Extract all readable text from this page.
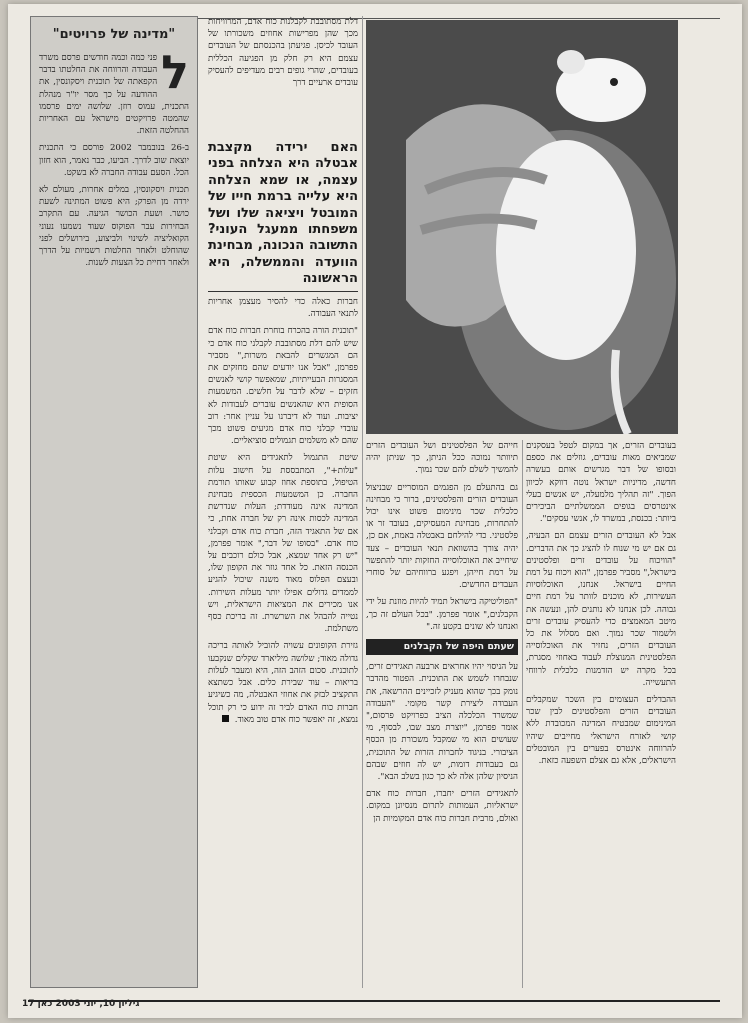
"מדינה של פרויטים"
ל

פני כמה וכמה חודשים פרסם משרד העבודה והרווחה את החלטתו בדבר הקפאתה של תוכנית ויסקונסין, את ההודעה על כך מסר יו"ר מנהלת התכנית, עמוס רוזן. שלושה ימים פרסמו שהמטה פרויקטים מישראל עם האחריות ההחלטה הזאת.

ב-26 בנובמבר 2002 פורסם כי התכנית יוצאת שוב לדרך. הביעו, כבר נאמר, הוא חזון הכל. הסעם עבודה החברה לא בשקט.

תכנית ויסקונסין, במלים אחרות, מעולם לא ירדה מן הפרק; היא פשוט המתינה לשעת כושר. ושעת הכושר הגיעה. עם התקרב הבחירות עבר הפוקוס שעוד נשמעו נעוני הקואליציה לשינוי ולביצוע, בירושלים לפני שהוחלט ולאחר החלטות רשמיות על הדרך ולאחר דחיית כל הצעות לשנות.

דלת מסתובבת לקבלנות כוח אדם, המרוויחות מכך שהן מפרישות אחוזים משכורתו של העובד לכיסן. פגיעתן בהכנסתם של העובדים עצמם היא רק חלק מן הפגיעה הכללית בעובדים, שהרי גופים רבים מעדיפים להעסיק עובדים ארעיים דרך

האם ירידה מקצבת אבטלה היא הצלחה בפני עצמה, או שמא הצלחה היא עלייה ברמת חייו של המובטל ויציאה שלו ושל משפחתו ממעגל העוני? התשובה הנכונה, מבחינת הוועדה והממשלה, היא הראשונה

חברות כאלה כדי להסיר מעצמן אחריות לתנאי העבודה.

"תוכנית הורה בהכרח בוחרת חברות כוח אדם שיש להם דלת מסתובבת לקבלני כוח אדם כי הם המגשרים להבאת משרות," מסביר פפרמן, "אבל אנו יודעים שהם מחזקים את המסגרות הבעייתיות, שמאפשר קושי לאנשים חזקים – שלא לדבר על חלשים. המשמעות הסופית היא שהאנשים עוברים לעבודות לא יציבות. ועוד לא דיברנו על עניין אחר: רוב עובדי קבלני כוח אדם מגיעים פשוט מכך שהם לא משלמים תגמולים סוציאליים.

שיטת התגמול לתאגידים היא שיטת "עלות+", המתבססת על חישוב עלות הטיפול, בתוספת אחוז קבוע שאותו תורמת החברה. כן המשמעות הכספית מבחינת המדינה אינה מעודדת; העלות שנדרשת המדינה לכסות אינה רק של חברה אחת, כי אם של התאגיד הזה, חברת כוח אדם וקבלני כוח אדם. "בסופו של דבר," אומר פפרמן, "יש רק אחד שמצא, אבל כולם רוכבים על הכנסה הזאת. כל אחד גוזר את הקופון שלו, ובעצם הפלוס מאוד משנה שיכול להגיע לממדים גדולים אפילו יותר מעלות השירות. אנו מכירים את המציאות הישראלית, ויש נטייה להבהל את השרשרת. זה בריכת כסף משתלמת.

גזירת הקופונים עשויה להוביל לאותה בריכה גדולה מאוד; שלושה מיליארד שקלים שנקבעו לתוכנית. סכום הזהב הזה, היא ומעבר לעלות בריאות – עוד שבירת כלים. אבל כשתצא התקציב לבזק את אחוזי האבטלה, מה כשיגיע חברות כוח האדם לביר זה ידוע כי רק תוכל נמצא, זה יאפשר כוח אדם טוב מאוד.

חייהם של הפלסטינים ושל העובדים הזרים תיוותר נמוכה ככל הניתן, כך שניתן יהיה להמשיך לשלם להם שכר נמוך.

גם בהתעלם מן הפגמים המוסריים שבניצול העובדים הזרים והפלסטינים, ברור כי מבחינה כלכלית שכר מינימום פשוט אינו יכול להתחרות, מבחינת המעסיקים, בעובד זר או פלסטיני. כדי להילחם באבטלה באמת, אם כן, יהיה צורך בהשוואת תנאי העובדים – צעד שיחייב את האוכלוסייה החזקות יותר להתפשר על רמת חייהן, ויפגע ברווחיהם של סוחרי העבדים החדשים.

"הפוליטיקה בישראל תמיד להיות מוזנת על ידי הקבלנים," אומר פפרמן. "בכל העולם זה כך, ואנחנו לא שונים בקטע זה."

שעתם היפה של הקבלנים

על הניסוי יהיו אחראים ארבעה תאגידים זרים, שנבחרו לשמש את התוכנית. הפטור מהדבר נומק בכך שהוא מעניק לזכיינים ההרשאה, את העבודה ליצירת קשר מקומי. "העבודה שמשרד הכלכלה הציב כפרויקט פרסום," אומר פפרמן, "יוצרת מצב שבו, לבסוף, מי שעושים הוא מי שמקבל משכורת מן הכסף הציבורי. בניגוד לחברות הזרות של התוכנית, גם בעבודות דומות, יש לה חוזים שבהם הניסיון שלהן אלה לא כך כגון בשלב הבא".

לתאגידים הזרים יחברו, חברות כוח אדם ישראליות, העמותות לתרום מנסיונן במקום. ואולם, מרבית חברות כוח אדם המקומיות הן

בעובדים הזרים, אך במקום לטפל בעסקנים שמביאים מאות עובדים, גוזלים את כספם ובסופו של דבר מגרשים אותם בעשרה חדשה, מדיניות ישראל נוטה דווקא לכיוון הפוך. "זה תהליך מלמעלה, יש אנשים בעלי אינטרסים בגופים הממשלתיים הביכירים ביותר: בכנסת, במשרד לו, אנשי עסקים".

אבל לא העובדים הזרים עצמם הם הבעיה, גם אם יש מי שנוח לו להציג כך את הדברים. "הוויכוח על עובדים זרים ופלסטינים בישראל," מסביר פפרמן, "הוא ויכוח על רמת החיים בישראל. אנחנו, האוכלוסיות העשירות, לא מוכנים לוותר על רמת חיים גבוהה. לכן אנחנו לא נותנים להן, ונעשה את מיטב המאמצים כדי להעסיק עובדים זרים ולשמור שכר נמוך. ואם מסלול את כל העובדים הזרים, נחזיר את האוכלוסייה הפלסטינית המנוצלת לעבוד באחוזי מסגרת, בכל מקרה יש הזדמנות כלכלית לרווחי התעשייה.

ההבדלים העצומים בין השכר שמקבלים העובדים הזרים והפלסטינים לבין שכר המינימום שמבטיח המדינה המכובדת ללא קושי לאזרח הישראלי מחייבים שיהיו להרווחה אינטרס בפערים בין המובטלים הישראלים, אלא גם אצלם השפעה כזאת.

גיליון 10, יוני 2003 כאן 17
